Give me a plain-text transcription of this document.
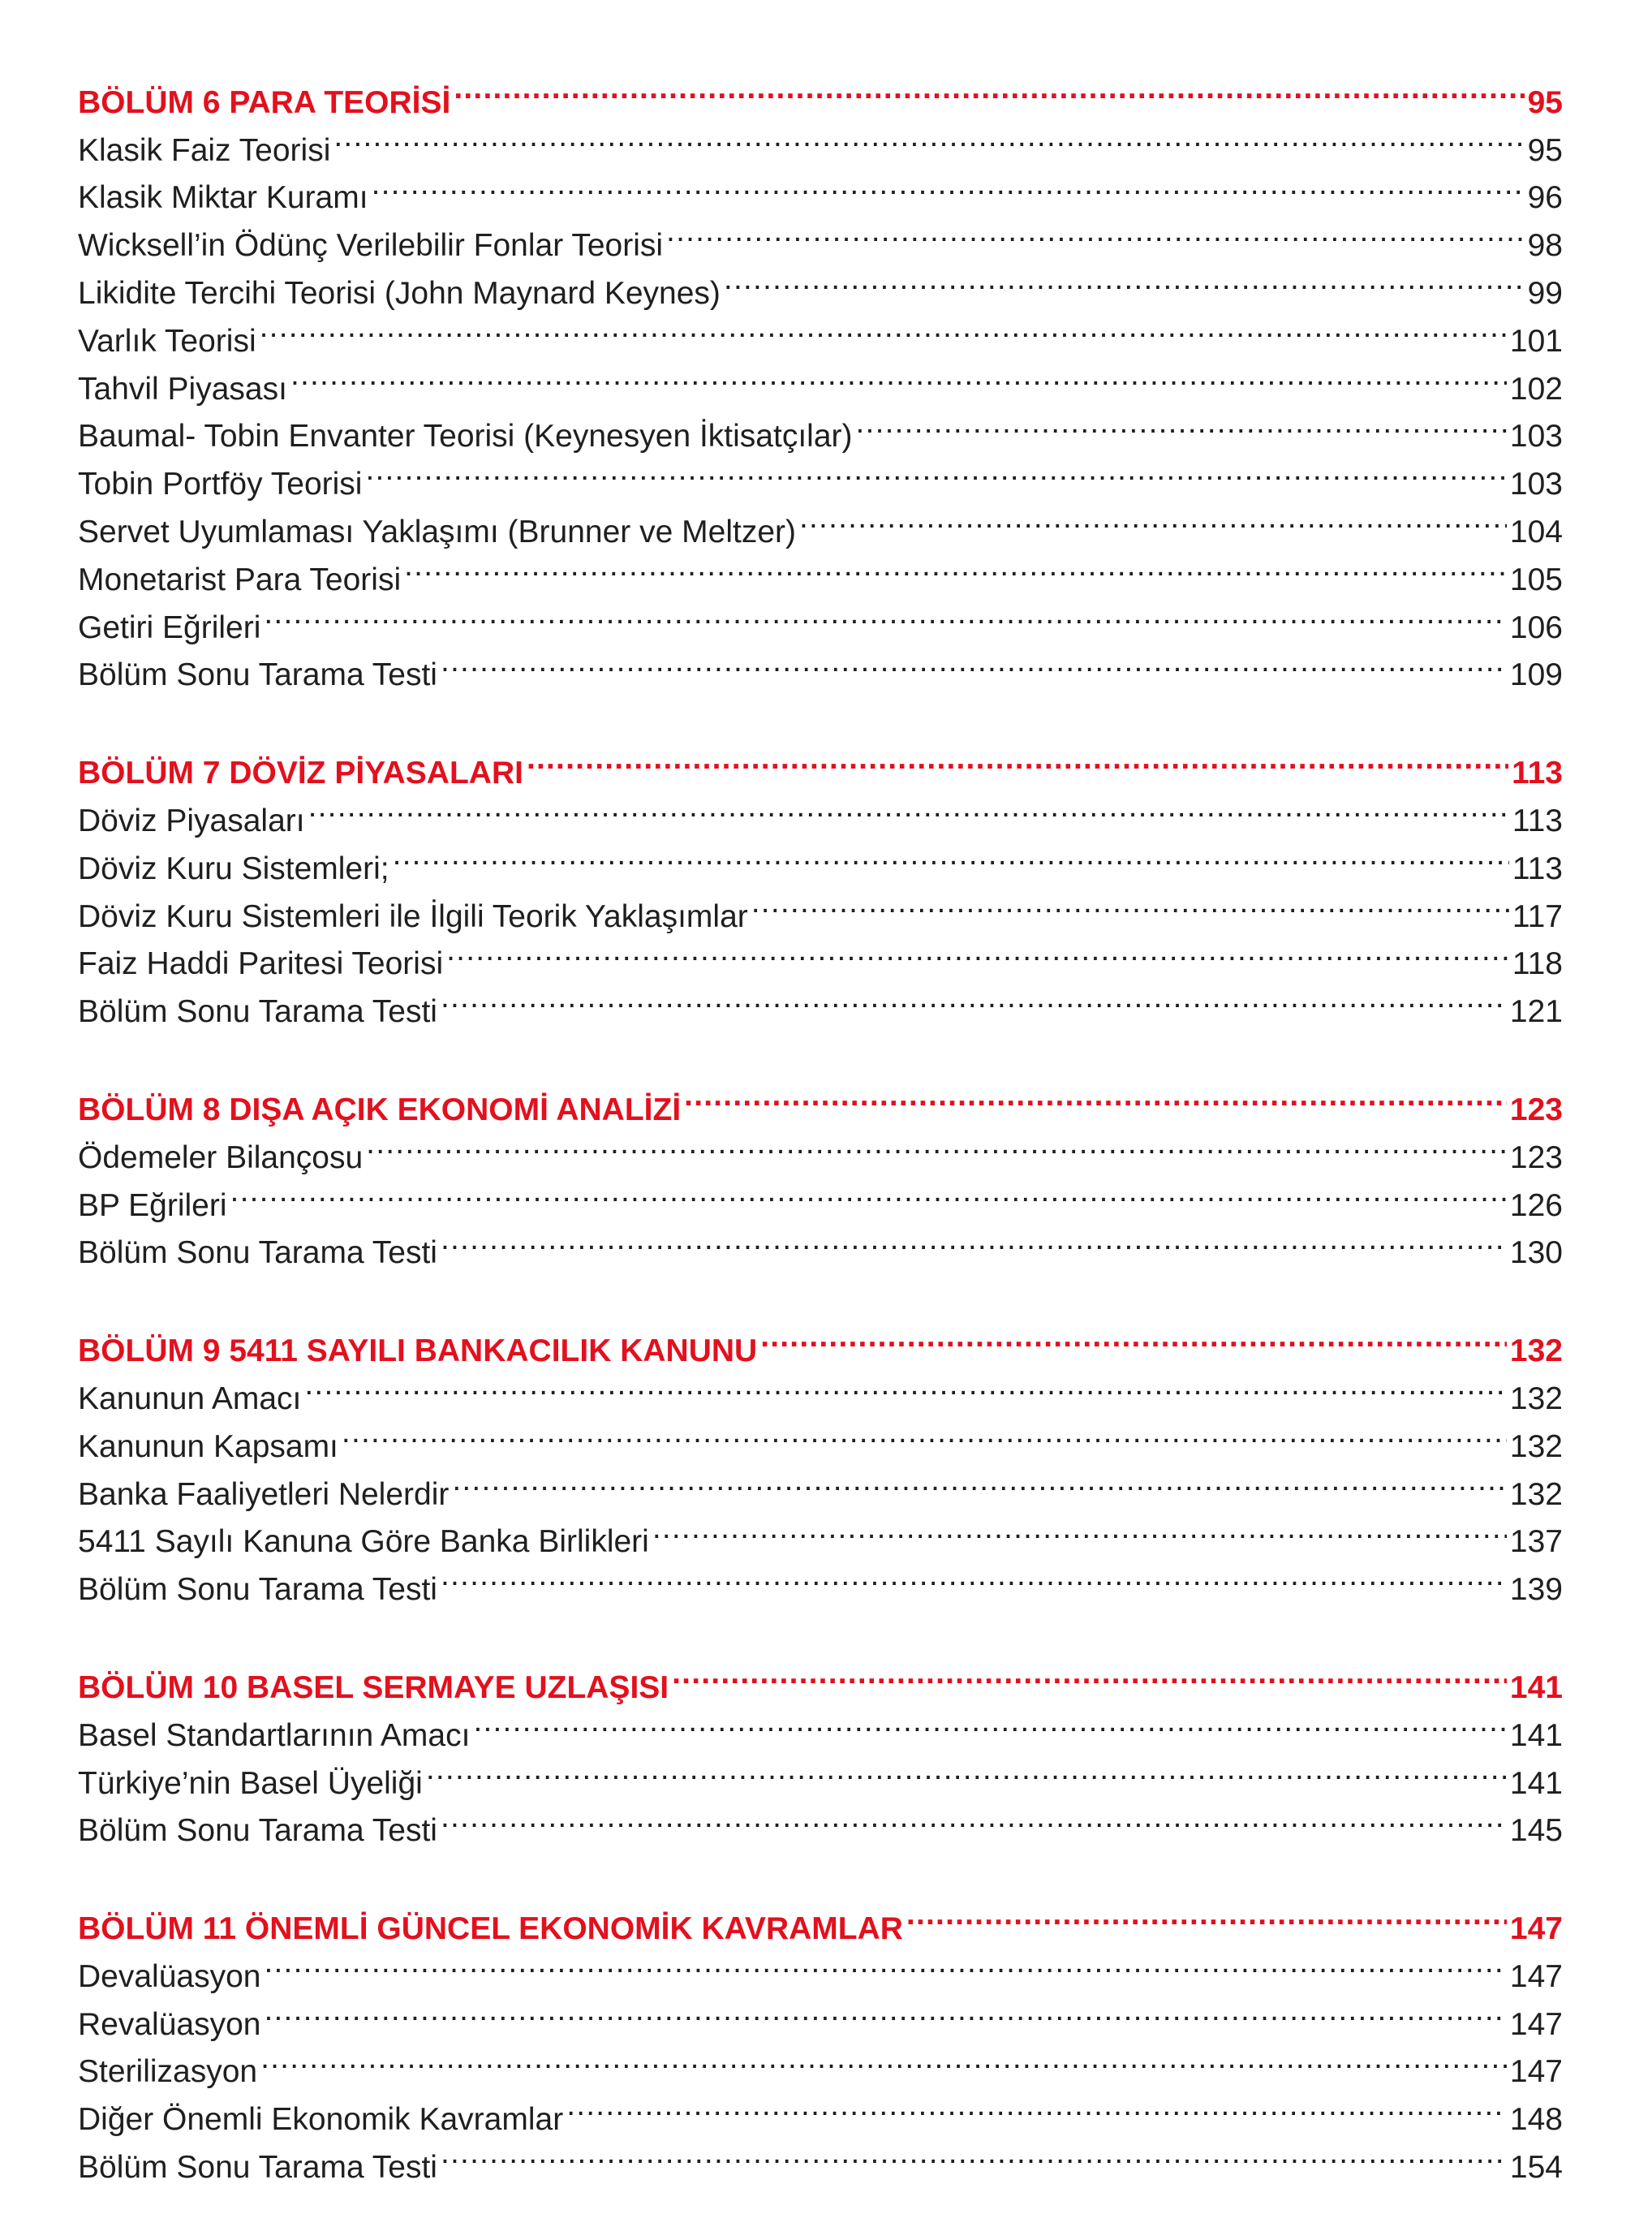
BÖLÜM 6 PARA TEORİSİ .....	95
Klasik Faiz Teorisi .....	95
Klasik Miktar Kuramı .....	96
Wicksell’in Ödünç Verilebilir Fonlar Teorisi .....	98
Likidite Tercihi Teorisi (John Maynard Keynes) .....	99
Varlık Teorisi .....	101
Tahvil Piyasası .....	102
Baumal- Tobin Envanter Teorisi (Keynesyen İktisatçılar) .....	103
Tobin Portföy Teorisi .....	103
Servet Uyumlaması Yaklaşımı (Brunner ve Meltzer) .....	104
Monetarist Para Teorisi .....	105
Getiri Eğrileri .....	106
Bölüm Sonu Tarama Testi .....	109
BÖLÜM 7 DÖVİZ PİYASALARI .....	113
Döviz Piyasaları .....	113
Döviz Kuru Sistemleri; .....	113
Döviz Kuru Sistemleri ile İlgili Teorik Yaklaşımlar .....	117
Faiz Haddi Paritesi Teorisi .....	118
Bölüm Sonu Tarama Testi .....	121
BÖLÜM 8 DIŞA AÇIK EKONOMİ ANALİZİ .....	123
Ödemeler Bilançosu .....	123
BP Eğrileri .....	126
Bölüm Sonu Tarama Testi .....	130
BÖLÜM 9 5411 SAYILI BANKACILIK KANUNU .....	132
Kanunun Amacı .....	132
Kanunun Kapsamı .....	132
Banka Faaliyetleri Nelerdir .....	132
5411 Sayılı Kanuna Göre Banka Birlikleri .....	137
Bölüm Sonu Tarama Testi .....	139
BÖLÜM 10 BASEL SERMAYE UZLAŞISI .....	141
Basel Standartlarının Amacı .....	141
Türkiye’nin Basel Üyeliği .....	141
Bölüm Sonu Tarama Testi .....	145
BÖLÜM 11 ÖNEMLİ GÜNCEL EKONOMİK KAVRAMLAR .....	147
Devalüasyon .....	147
Revalüasyon .....	147
Sterilizasyon .....	147
Diğer Önemli Ekonomik Kavramlar .....	148
Bölüm Sonu Tarama Testi .....	154
